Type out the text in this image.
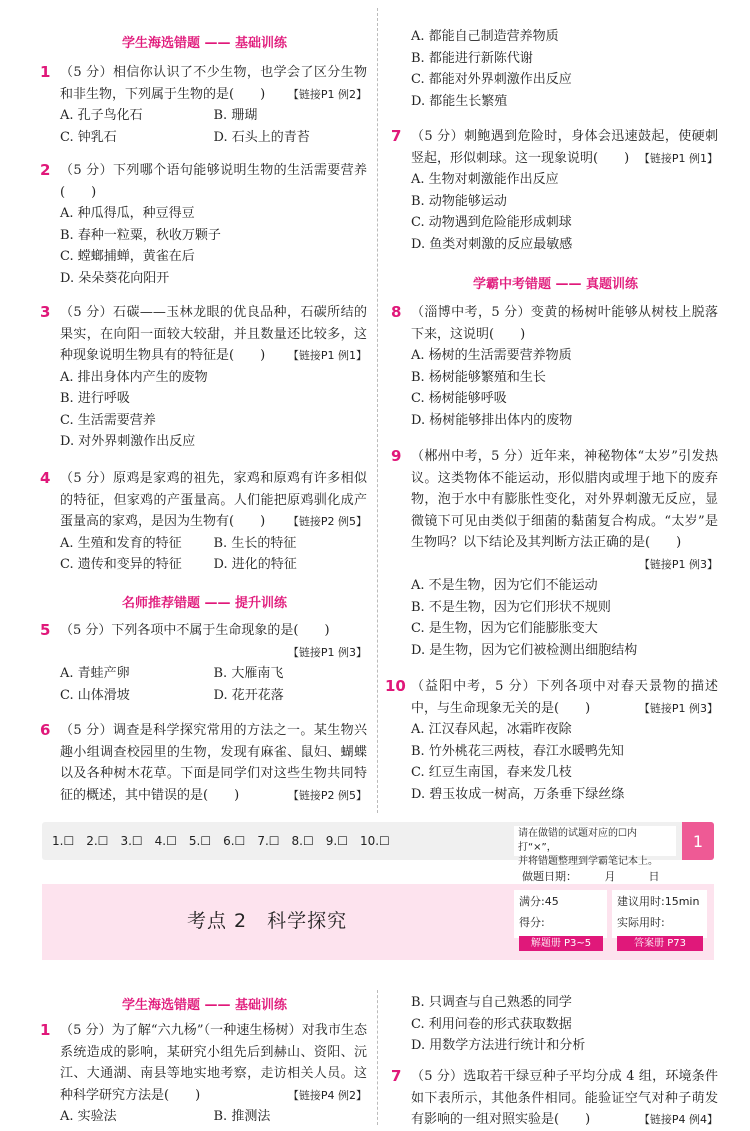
学生海选错题 —— 基础训练

1 （5 分）相信你认识了不少生物，也学会了区分生物和非生物，下列属于生物的是(　　) 【链接P1 例2】
A. 孔子鸟化石	B. 珊瑚
C. 钟乳石	D. 石头上的青苔
2 （5 分）下列哪个语句能够说明生物的生活需要营养(　　)
A. 种瓜得瓜，种豆得豆
B. 春种一粒粟，秋收万颗子
C. 螳螂捕蝉，黄雀在后
D. 朵朵葵花向阳开
3 （5 分）石碳——玉林龙眼的优良品种，石碳所结的果实，在向阳一面较大较甜，并且数量还比较多，这种现象说明生物具有的特征是(　　) 【链接P1 例1】
A. 排出身体内产生的废物
B. 进行呼吸
C. 生活需要营养
D. 对外界刺激作出反应
4 （5 分）原鸡是家鸡的祖先，家鸡和原鸡有许多相似的特征，但家鸡的产蛋量高。人们能把原鸡驯化成产蛋量高的家鸡，是因为生物有(　　) 【链接P2 例5】
A. 生殖和发育的特征	B. 生长的特征
C. 遗传和变异的特征	D. 进化的特征

名师推荐错题 —— 提升训练

5 （5 分）下列各项中不属于生命现象的是(　　)
【链接P1 例3】
A. 青蛙产卵	B. 大雁南飞
C. 山体滑坡	D. 花开花落
6 （5 分）调查是科学探究常用的方法之一。某生物兴趣小组调查校园里的生物，发现有麻雀、鼠妇、蝴蝶以及各种树木花草。下面是同学们对这些生物共同特征的概述，其中错误的是(　　)	【链接P2 例5】
A. 都能自己制造营养物质
B. 都能进行新陈代谢
C. 都能对外界刺激作出反应
D. 都能生长繁殖
7 （5 分）刺鲍遇到危险时，身体会迅速鼓起，使硬刺竖起，形似刺球。这一现象说明(　　) 【链接P1 例1】
A. 生物对刺激能作出反应
B. 动物能够运动
C. 动物遇到危险能形成刺球
D. 鱼类对刺激的反应最敏感

学霸中考错题 —— 真题训练

8 （淄博中考，5 分）变黄的杨树叶能够从树枝上脱落下来，这说明(　　)
A. 杨树的生活需要营养物质
B. 杨树能够繁殖和生长
C. 杨树能够呼吸
D. 杨树能够排出体内的废物
9 （郴州中考，5 分）近年来，神秘物体“太岁”引发热议。这类物体不能运动，形似腊肉或埋于地下的废弃物，泡于水中有膨胀性变化，对外界刺激无反应，显微镜下可见由类似于细菌的黏菌复合构成。“太岁”是生物吗？以下结论及其判断方法正确的是(　　)
【链接P1 例3】
A. 不是生物，因为它们不能运动
B. 不是生物，因为它们形状不规则
C. 是生物，因为它们能膨胀变大
D. 是生物，因为它们被检测出细胞结构
10 （益阳中考，5 分）下列各项中对春天景物的描述中，与生命现象无关的是(　　)	【链接P1 例3】
A. 江汉春风起，冰霜昨夜除
B. 竹外桃花三两枝，春江水暖鸭先知
C. 红豆生南国，春来发几枝
D. 碧玉妆成一树高，万条垂下绿丝绦
1.☐ 2.☐ 3.☐ 4.☐ 5.☐ 6.☐ 7.☐ 8.☐ 9.☐ 10.☐
请在做错的试题对应的☐内打“×”，
并将错题整理到学霸笔记本上。
1
做题日期：　　　月　　　日
考点 2　科学探究
满分:45
得分:
建议用时:15min
实际用时:
解题册 P3~5	答案册 P73

学生海选错题 —— 基础训练

1 （5 分）为了解“六九杨”（一种速生杨树）对我市生态系统造成的影响，某研究小组先后到赫山、资阳、沅江、大通湖、南县等地实地考察，走访相关人员。这种科学研究方法是(　　)	【链接P4 例2】
A. 实验法	B. 推测法
B. 只调查与自己熟悉的同学
C. 利用问卷的形式获取数据
D. 用数学方法进行统计和分析
7 （5 分）选取若干绿豆种子平均分成 4 组，环境条件如下表所示，其他条件相同。能验证空气对种子萌发有影响的一组对照实验是(　　)	【链接P4 例4】
